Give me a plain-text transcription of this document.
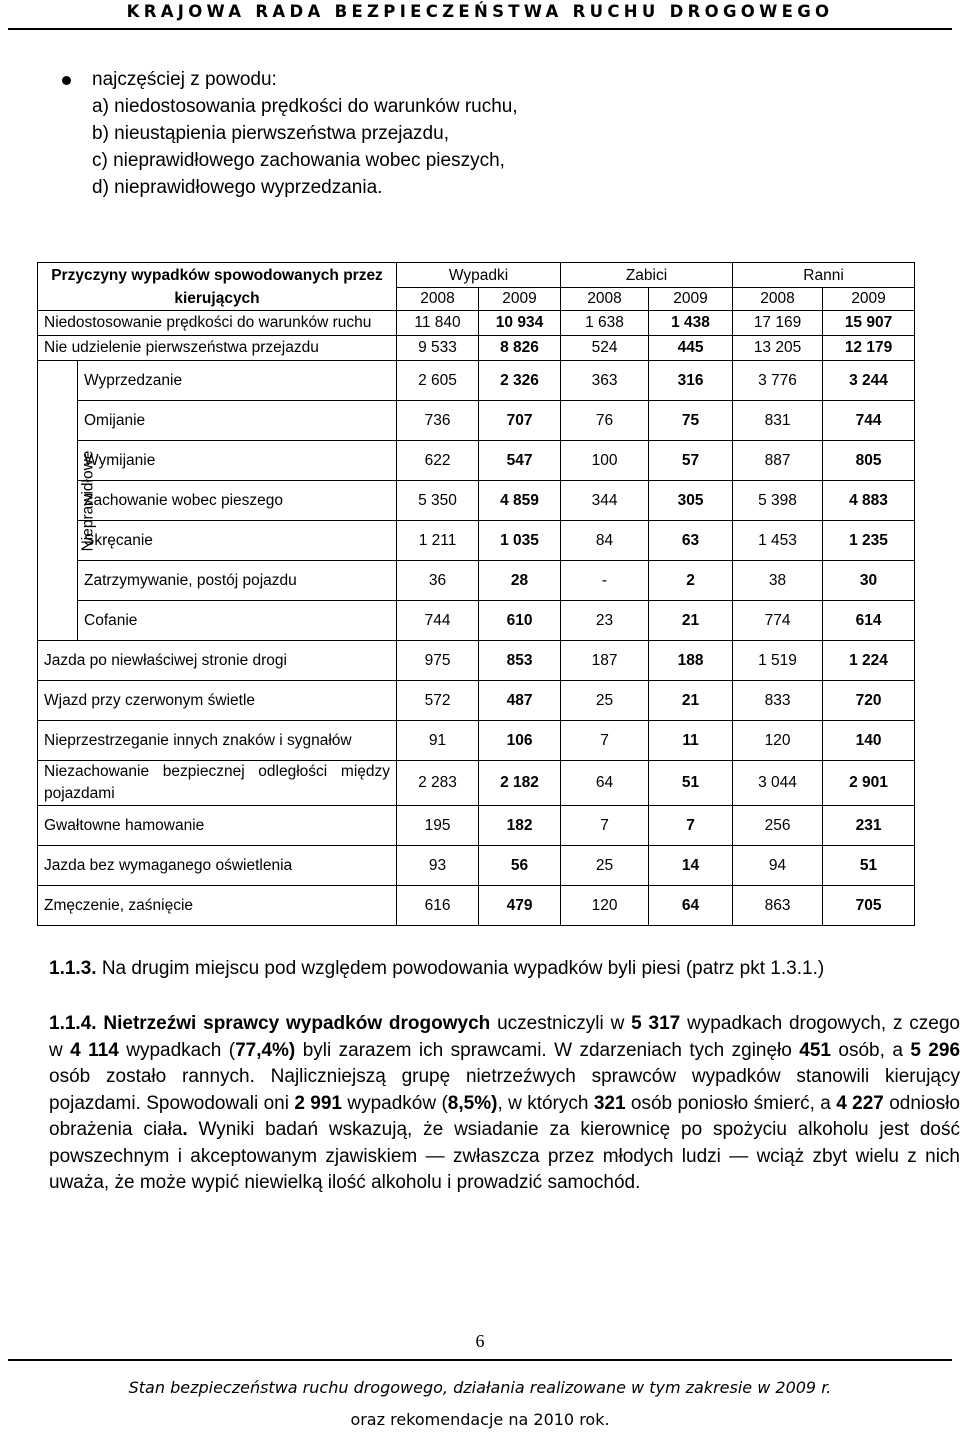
KRAJOWA RADA BEZPIECZEŃSTWA RUCHU DROGOWEGO
najczęściej z powodu:
a) niedostosowania prędkości do warunków ruchu,
b) nieustąpienia pierwszeństwa przejazdu,
c) nieprawidłowego zachowania wobec pieszych,
d) nieprawidłowego wyprzedzania.
Przyczyny wypadków spowodowanych przez		Wypadki		Zabici		Ranni	
kierujących		2008	2009	2008	2009	2008	2009
Niedostosowanie prędkości do warunków ruchu		11 840	10 934	1 638	1 438	17 169	15 907
Nie udzielenie pierwszeństwa przejazdu		9 533	8 826	524	445	13 205	12 179
Nieprawidłowe	Wyprzedzanie	2 605	2 326	363	316	3 776	3 244
	Omijanie	736	707	76	75	831	744
	Wymijanie	622	547	100	57	887	805
	Zachowanie wobec pieszego	5 350	4 859	344	305	5 398	4 883
	Skręcanie	1 211	1 035	84	63	1 453	1 235
	Zatrzymywanie, postój pojazdu	36	28	-	2	38	30
	Cofanie	744	610	23	21	774	614
Jazda po niewłaściwej stronie drogi		975	853	187	188	1 519	1 224
Wjazd przy czerwonym świetle		572	487	25	21	833	720
Nieprzestrzeganie innych znaków i sygnałów		91	106	7	11	120	140
Niezachowanie bezpiecznej odległości między pojazdami		2 283	2 182	64	51	3 044	2 901
Gwałtowne hamowanie		195	182	7	7	256	231
Jazda bez wymaganego oświetlenia		93	56	25	14	94	51
Zmęczenie, zaśnięcie		616	479	120	64	863	705
1.1.3. Na drugim miejscu pod względem powodowania wypadków byli piesi (patrz pkt 1.3.1.)
1.1.4. Nietrzeźwi sprawcy wypadków drogowych uczestniczyli w 5 317 wypadkach drogowych, z czego w 4 114 wypadkach (77,4%) byli zarazem ich sprawcami. W zdarzeniach tych zginęło 451 osób, a 5 296 osób zostało rannych. Najliczniejszą grupę nietrzeźwych sprawców wypadków stanowili kierujący pojazdami. Spowodowali oni 2 991 wypadków (8,5%), w których 321 osób poniosło śmierć, a 4 227 odniosło obrażenia ciała. Wyniki badań wskazują, że wsiadanie za kierownicę po spożyciu alkoholu jest dość powszechnym i akceptowanym zjawiskiem — zwłaszcza przez młodych ludzi — wciąż zbyt wielu z nich uważa, że może wypić niewielką ilość alkoholu i prowadzić samochód.
6
Stan bezpieczeństwa ruchu drogowego, działania realizowane w tym zakresie w 2009 r.
oraz rekomendacje na 2010 rok.
